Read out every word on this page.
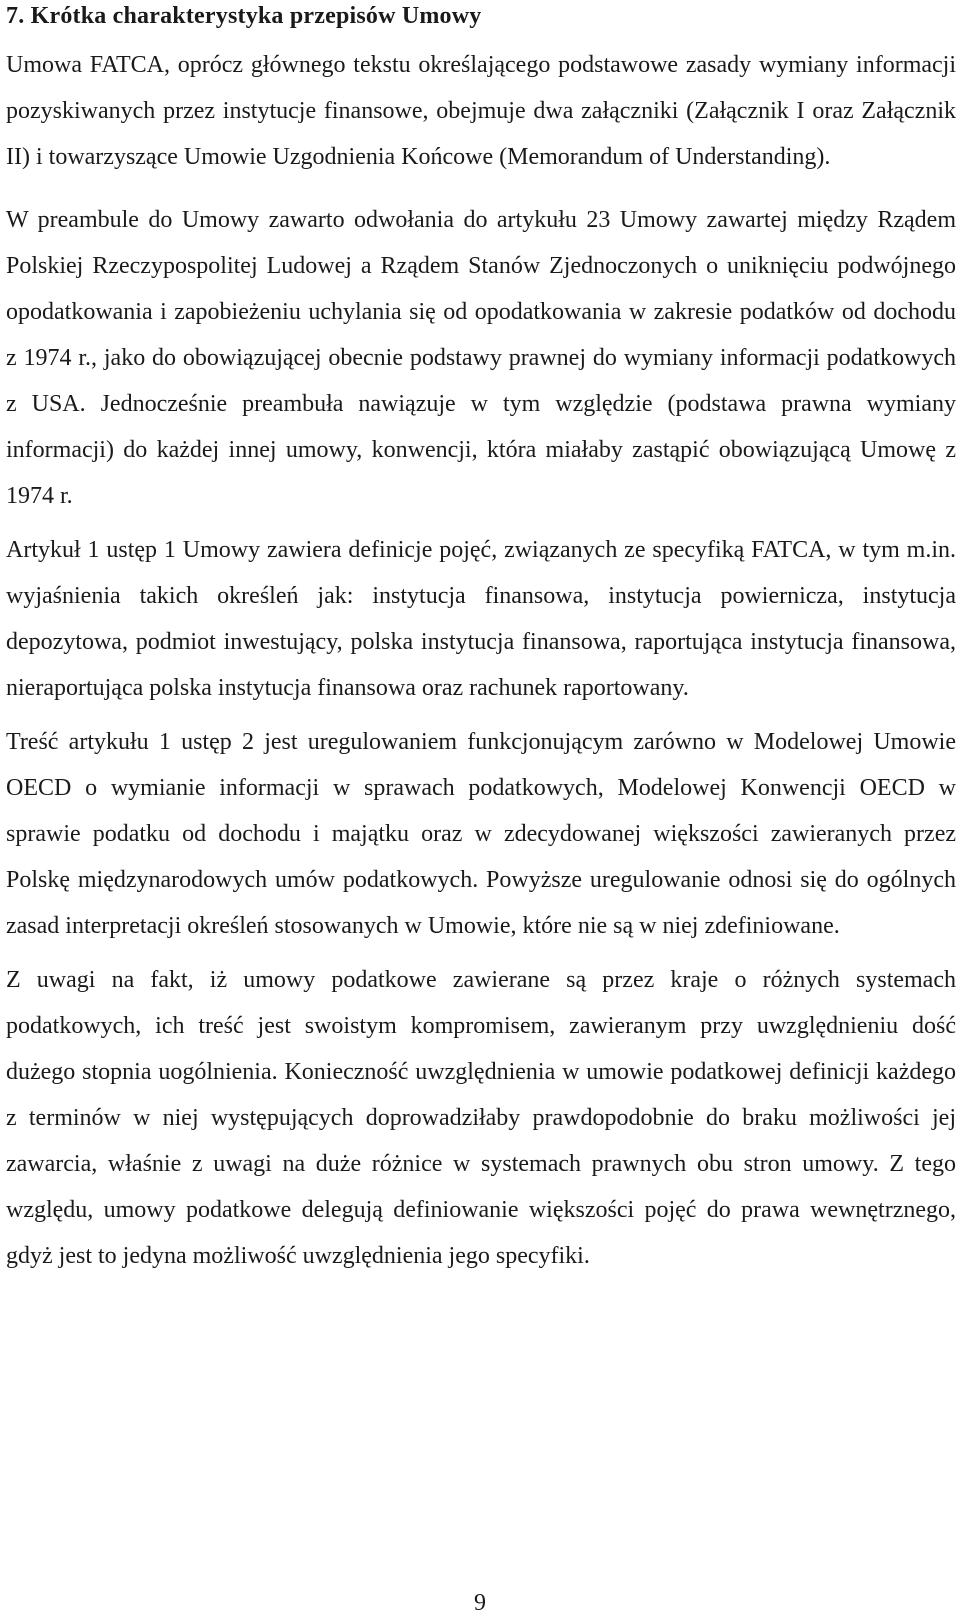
7. Krótka charakterystyka przepisów Umowy

Umowa FATCA, oprócz głównego tekstu określającego podstawowe zasady wymiany informacji pozyskiwanych przez instytucje finansowe, obejmuje dwa załączniki (Załącznik I oraz Załącznik II) i towarzyszące Umowie Uzgodnienia Końcowe (Memorandum of Understanding).

W preambule do Umowy zawarto odwołania do artykułu 23 Umowy zawartej między Rządem Polskiej Rzeczypospolitej Ludowej a Rządem Stanów Zjednoczonych o uniknięciu podwójnego opodatkowania i zapobieżeniu uchylania się od opodatkowania w zakresie podatków od dochodu z 1974 r., jako do obowiązującej obecnie podstawy prawnej do wymiany informacji podatkowych z USA. Jednocześnie preambuła nawiązuje w tym względzie (podstawa prawna wymiany informacji) do każdej innej umowy, konwencji, która miałaby zastąpić obowiązującą Umowę z 1974 r.

Artykuł 1 ustęp 1 Umowy zawiera definicje pojęć, związanych ze specyfiką FATCA, w tym m.in. wyjaśnienia takich określeń jak: instytucja finansowa, instytucja powiernicza, instytucja depozytowa, podmiot inwestujący, polska instytucja finansowa, raportująca instytucja finansowa, nieraportująca polska instytucja finansowa oraz rachunek raportowany.

Treść artykułu 1 ustęp 2 jest uregulowaniem funkcjonującym zarówno w Modelowej Umowie OECD o wymianie informacji w sprawach podatkowych, Modelowej Konwencji OECD w sprawie podatku od dochodu i majątku oraz w zdecydowanej większości zawieranych przez Polskę międzynarodowych umów podatkowych. Powyższe uregulowanie odnosi się do ogólnych zasad interpretacji określeń stosowanych w Umowie, które nie są w niej zdefiniowane.

Z uwagi na fakt, iż umowy podatkowe zawierane są przez kraje o różnych systemach podatkowych, ich treść jest swoistym kompromisem, zawieranym przy uwzględnieniu dość dużego stopnia uogólnienia. Konieczność uwzględnienia w umowie podatkowej definicji każdego z terminów w niej występujących doprowadziłaby prawdopodobnie do braku możliwości jej zawarcia, właśnie z uwagi na duże różnice w systemach prawnych obu stron umowy. Z tego względu, umowy podatkowe delegują definiowanie większości pojęć do prawa wewnętrznego, gdyż jest to jedyna możliwość uwzględnienia jego specyfiki.

9
